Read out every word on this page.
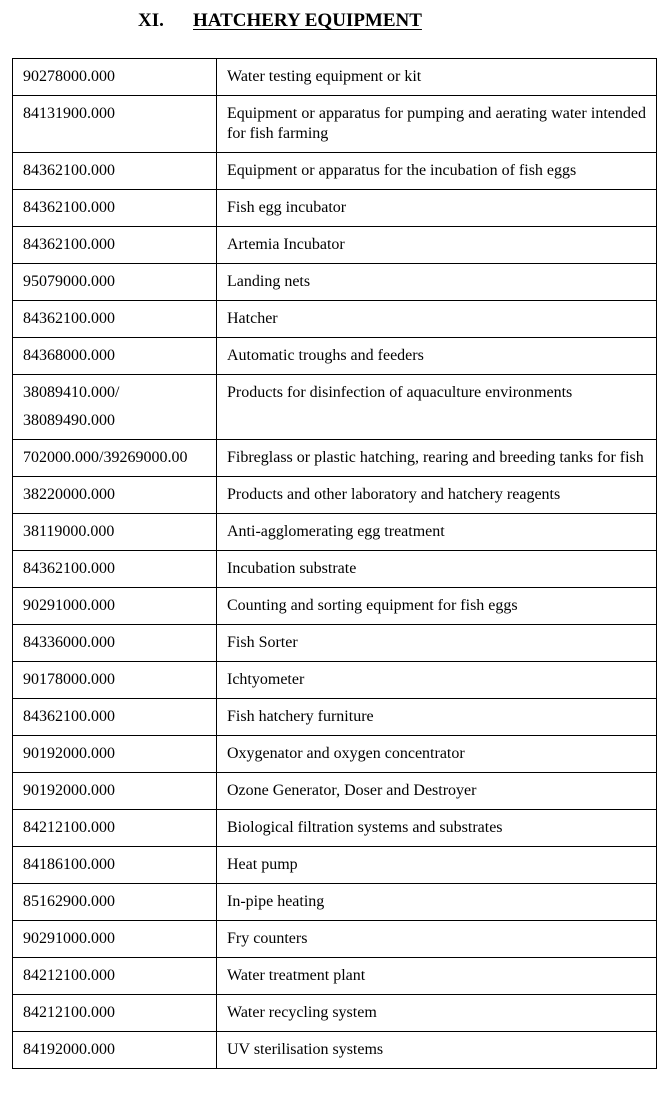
XI. HATCHERY EQUIPMENT
90278000.000	Water testing equipment or kit
84131900.000	Equipment or apparatus for pumping and aerating water intended for fish farming
84362100.000	Equipment or apparatus for the incubation of fish eggs
84362100.000	Fish egg incubator
84362100.000	Artemia Incubator
95079000.000	Landing nets
84362100.000	Hatcher
84368000.000	Automatic troughs and feeders
38089410.000/
38089490.000	Products for disinfection of aquaculture environments
702000.000/39269000.00	Fibreglass or plastic hatching, rearing and breeding tanks for fish
38220000.000	Products and other laboratory and hatchery reagents
38119000.000	Anti-agglomerating egg treatment
84362100.000	Incubation substrate
90291000.000	Counting and sorting equipment for fish eggs
84336000.000	Fish Sorter
90178000.000	Ichtyometer
84362100.000	Fish hatchery furniture
90192000.000	Oxygenator and oxygen concentrator
90192000.000	Ozone Generator, Doser and Destroyer
84212100.000	Biological filtration systems and substrates
84186100.000	Heat pump
85162900.000	In-pipe heating
90291000.000	Fry counters
84212100.000	Water treatment plant
84212100.000	Water recycling system
84192000.000	UV sterilisation systems
